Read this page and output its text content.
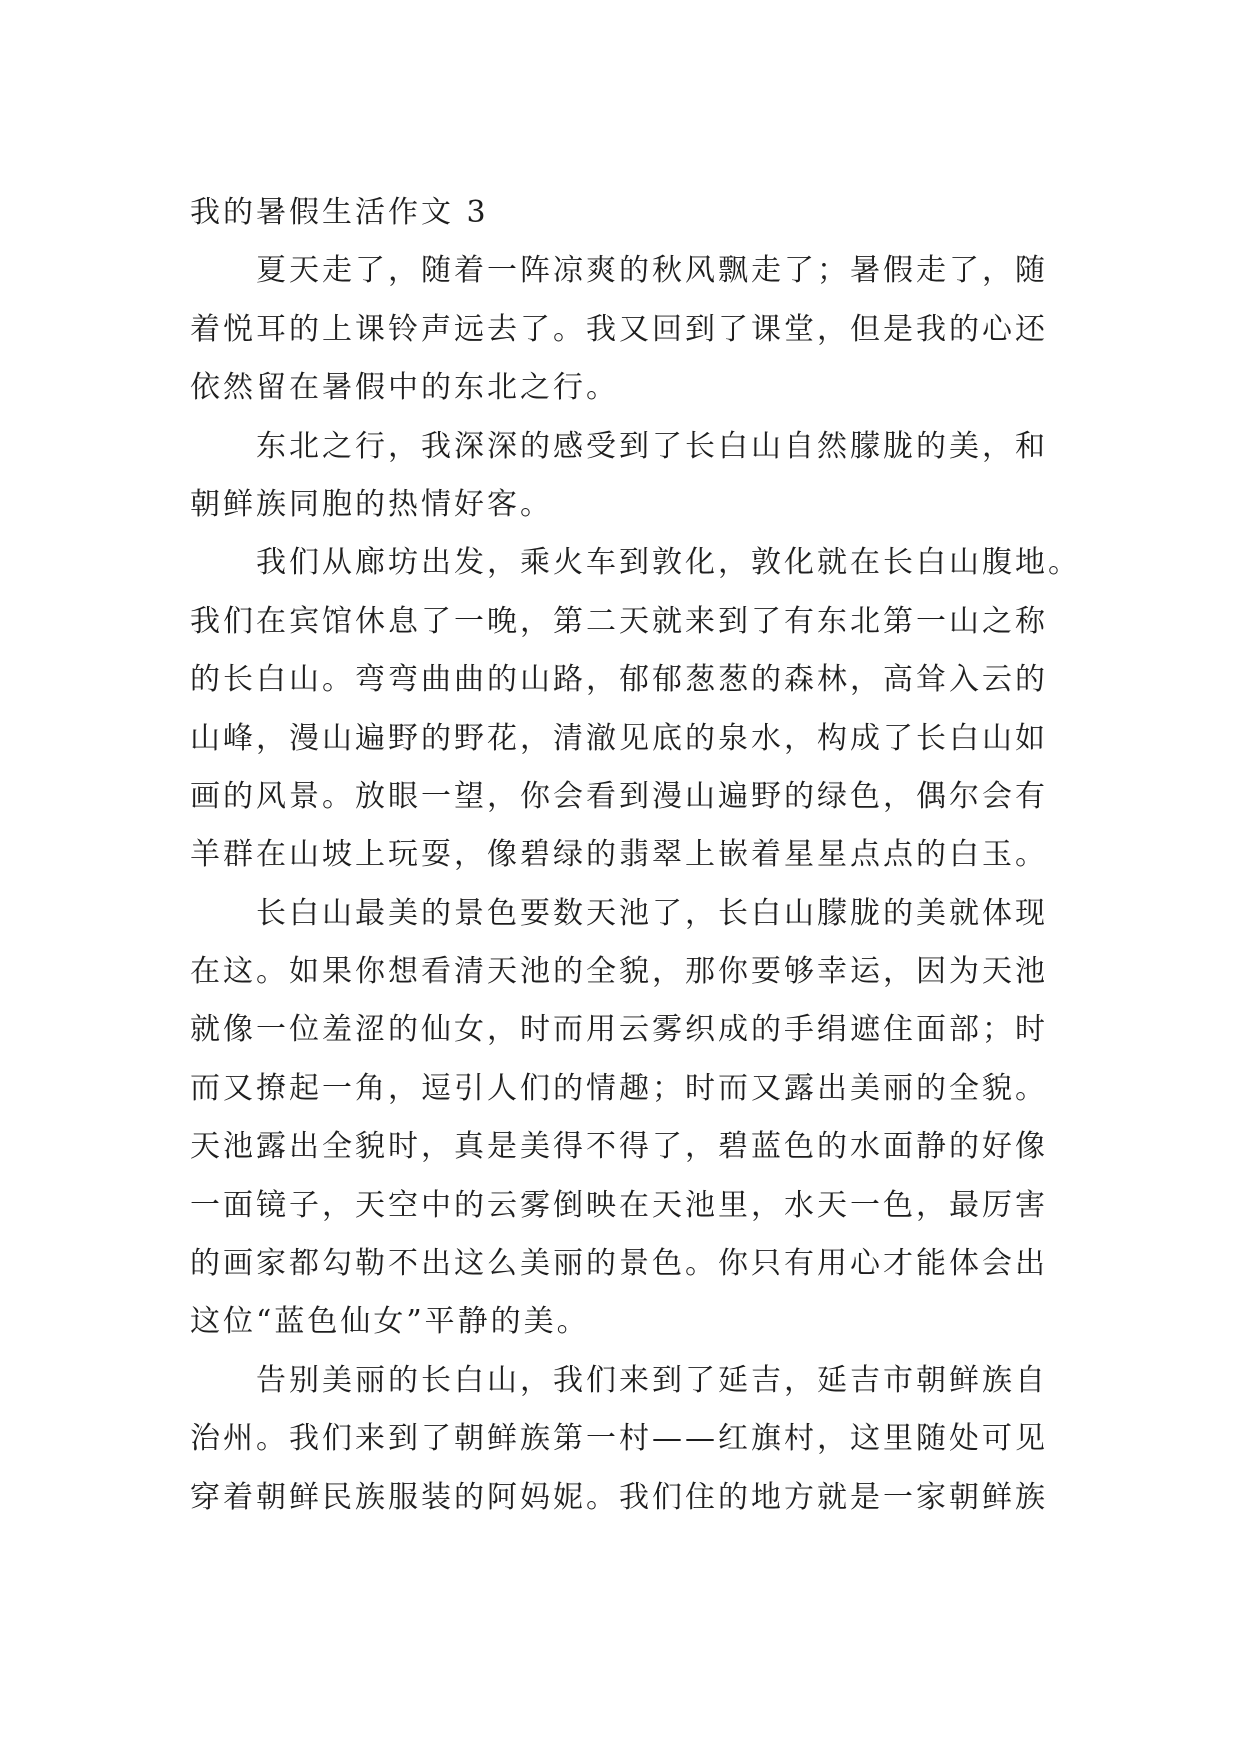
我的暑假生活作文 3
夏天走了，随着一阵凉爽的秋风飘走了；暑假走了，随
着悦耳的上课铃声远去了。我又回到了课堂，但是我的心还
依然留在暑假中的东北之行。
东北之行，我深深的感受到了长白山自然朦胧的美，和
朝鲜族同胞的热情好客。
我们从廊坊出发，乘火车到敦化，敦化就在长白山腹地。
我们在宾馆休息了一晚，第二天就来到了有东北第一山之称
的长白山。弯弯曲曲的山路，郁郁葱葱的森林，高耸入云的
山峰，漫山遍野的野花，清澈见底的泉水，构成了长白山如
画的风景。放眼一望，你会看到漫山遍野的绿色，偶尔会有
羊群在山坡上玩耍，像碧绿的翡翠上嵌着星星点点的白玉。
长白山最美的景色要数天池了，长白山朦胧的美就体现
在这。如果你想看清天池的全貌，那你要够幸运，因为天池
就像一位羞涩的仙女，时而用云雾织成的手绢遮住面部；时
而又撩起一角，逗引人们的情趣；时而又露出美丽的全貌。
天池露出全貌时，真是美得不得了，碧蓝色的水面静的好像
一面镜子，天空中的云雾倒映在天池里，水天一色，最厉害
的画家都勾勒不出这么美丽的景色。你只有用心才能体会出
这位“蓝色仙女”平静的美。
告别美丽的长白山，我们来到了延吉，延吉市朝鲜族自
治州。我们来到了朝鲜族第一村——红旗村，这里随处可见
穿着朝鲜民族服装的阿妈妮。我们住的地方就是一家朝鲜族
